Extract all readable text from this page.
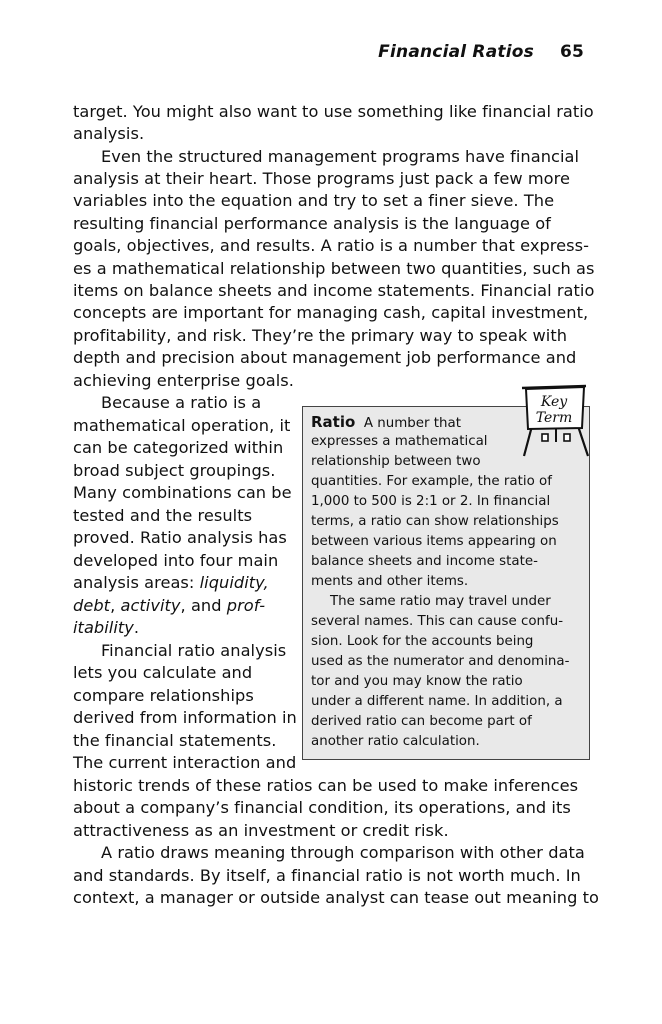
Financial Ratios 65
target. You might also want to use something like financial ratio
analysis.
Even the structured management programs have financial
analysis at their heart. Those programs just pack a few more
variables into the equation and try to set a finer sieve. The
resulting financial performance analysis is the language of
goals, objectives, and results. A ratio is a number that express-
es a mathematical relationship between two quantities, such as
items on balance sheets and income statements. Financial ratio
concepts are important for managing cash, capital investment,
profitability, and risk. They’re the primary way to speak with
depth and precision about management job performance and
achieving enterprise goals.
Because a ratio is a
mathematical operation, it
can be categorized within
broad subject groupings.
Many combinations can be
tested and the results
proved. Ratio analysis has
developed into four main
analysis areas: liquidity,
debt, activity, and prof-
itability.
Financial ratio analysis
lets you calculate and
compare relationships
derived from information in
the financial statements.
The current interaction and
historic trends of these ratios can be used to make inferences
about a company’s financial condition, its operations, and its
attractiveness as an investment or credit risk.
A ratio draws meaning through comparison with other data
and standards. By itself, a financial ratio is not worth much. In
context, a manager or outside analyst can tease out meaning to
Ratio A number that
expresses a mathematical
relationship between two
quantities. For example, the ratio of
1,000 to 500 is 2:1 or 2. In financial
terms, a ratio can show relationships
between various items appearing on
balance sheets and income state-
ments and other items.
The same ratio may travel under
several names. This can cause confu-
sion. Look for the accounts being
used as the numerator and denomina-
tor and you may know the ratio
under a different name. In addition, a
derived ratio can become part of
another ratio calculation.
Key
Term
